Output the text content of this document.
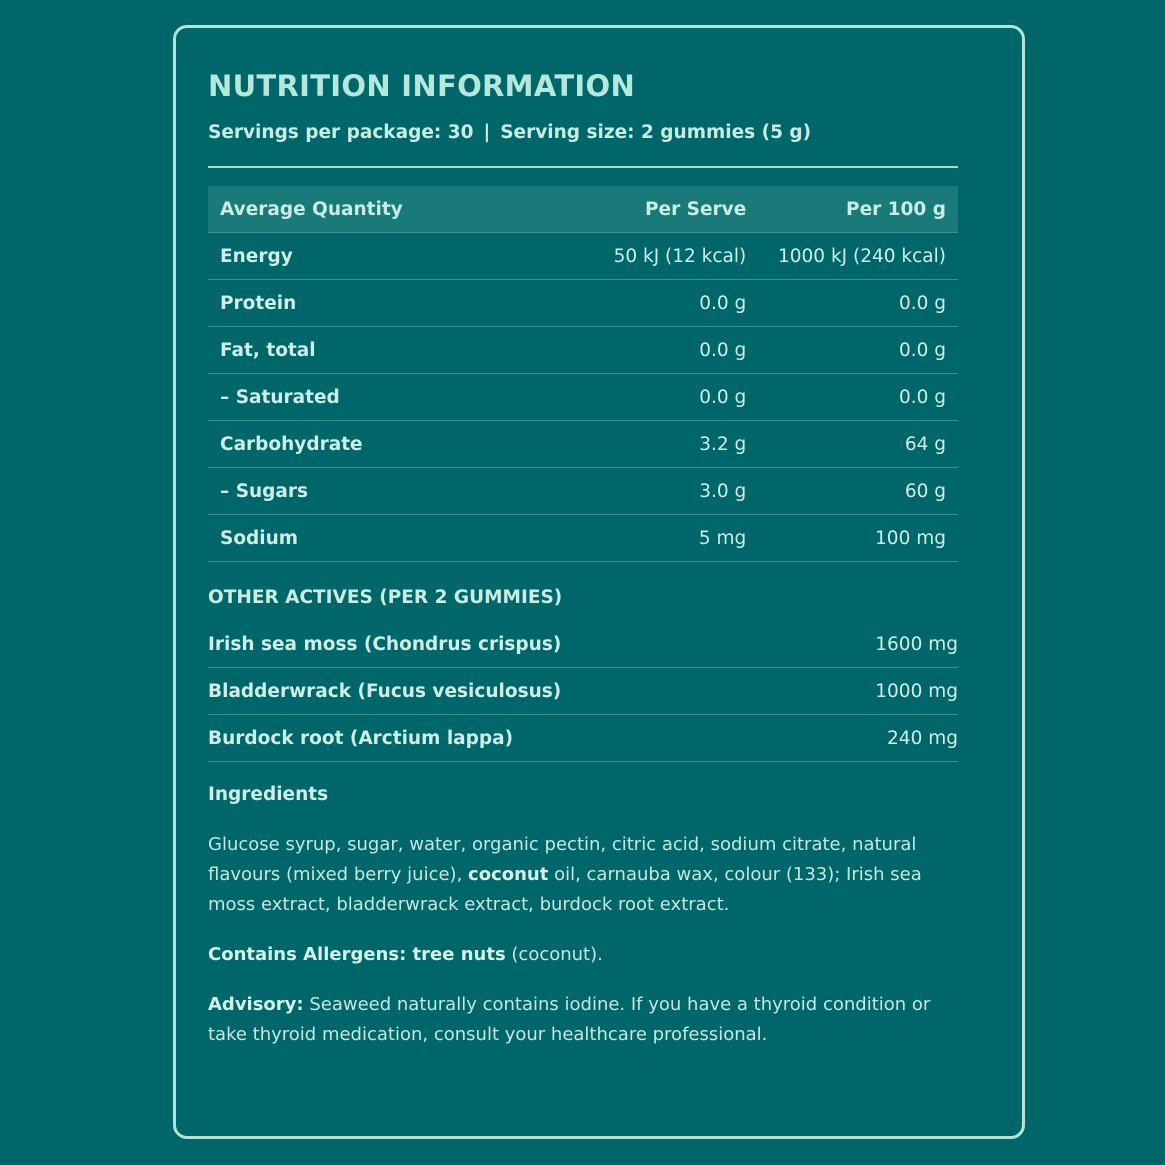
NUTRITION INFORMATION
Servings per package: 30 | Serving size: 2 gummies (5 g)
Average Quantity	Per Serve	Per 100 g
Energy	50 kJ (12 kcal)	1000 kJ (240 kcal)
Protein	0.0 g	0.0 g
Fat, total	0.0 g	0.0 g
– Saturated	0.0 g	0.0 g
Carbohydrate	3.2 g	64 g
– Sugars	3.0 g	60 g
Sodium	5 mg	100 mg
OTHER ACTIVES (PER 2 GUMMIES)
Irish sea moss (Chondrus crispus)	1600 mg
Bladderwrack (Fucus vesiculosus)	1000 mg
Burdock root (Arctium lappa)	240 mg
Ingredients
Glucose syrup, sugar, water, organic pectin, citric acid, sodium citrate, natural flavours (mixed berry juice), coconut oil, carnauba wax, colour (133); Irish sea moss extract, bladderwrack extract, burdock root extract.
Contains Allergens: tree nuts (coconut).
Advisory: Seaweed naturally contains iodine. If you have a thyroid condition or take thyroid medication, consult your healthcare professional.
